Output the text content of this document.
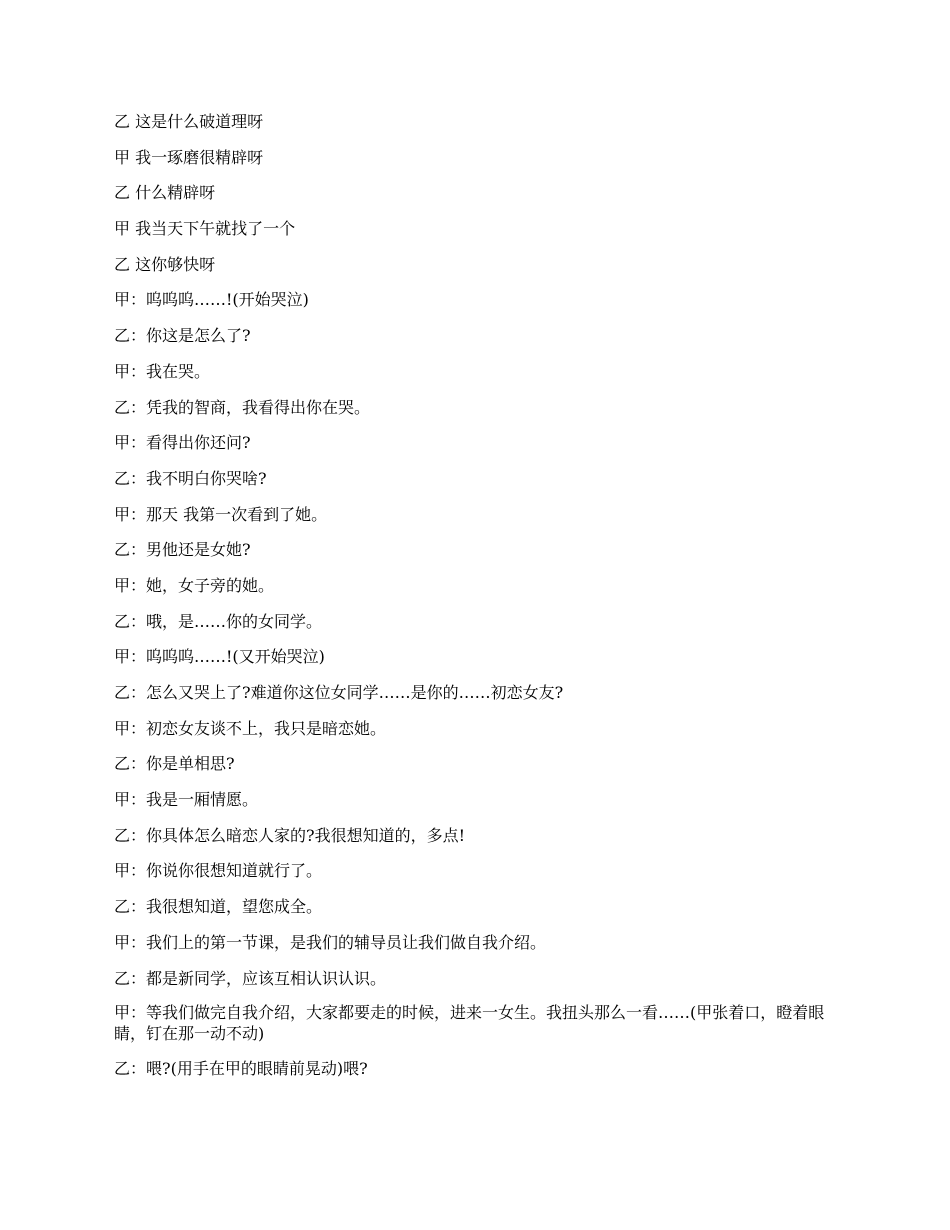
乙 这是什么破道理呀

甲 我一琢磨很精辟呀

乙 什么精辟呀

甲 我当天下午就找了一个

乙 这你够快呀

甲：呜呜呜……!(开始哭泣)

乙：你这是怎么了?

甲：我在哭。

乙：凭我的智商，我看得出你在哭。

甲：看得出你还问?

乙：我不明白你哭啥?

甲：那天 我第一次看到了她。

乙：男他还是女她?

甲：她，女子旁的她。

乙：哦，是……你的女同学。

甲：呜呜呜……!(又开始哭泣)

乙：怎么又哭上了?难道你这位女同学……是你的……初恋女友?

甲：初恋女友谈不上，我只是暗恋她。

乙：你是单相思?

甲：我是一厢情愿。

乙：你具体怎么暗恋人家的?我很想知道的，多点!

甲：你说你很想知道就行了。

乙：我很想知道，望您成全。

甲：我们上的第一节课，是我们的辅导员让我们做自我介绍。

乙：都是新同学，应该互相认识认识。

甲：等我们做完自我介绍，大家都要走的时候，进来一女生。我扭头那么一看……(甲张着口，瞪着眼睛，钉在那一动不动)

乙：喂?(用手在甲的眼睛前晃动)喂?
